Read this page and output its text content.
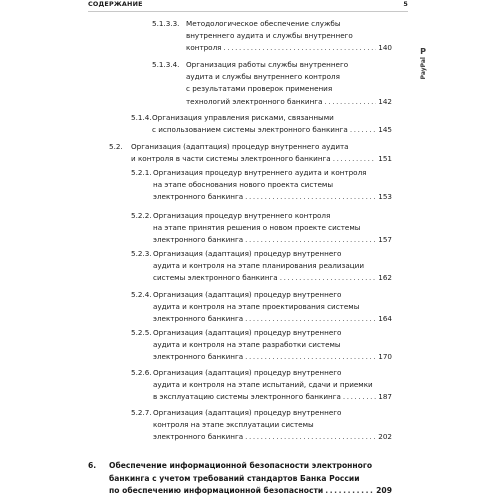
СОДЕРЖАНИЕ	5
P
PayPal
5.1.3.3. Методологическое обеспечение службы
внутреннего аудита и службы внутреннего
контроля .....	140
5.1.3.4. Организация работы службы внутреннего
аудита и службы внутреннего контроля
с результатами проверок применения
технологий электронного банкинга .....	142
5.1.4. Организация управления рисками, связанными
с использованием системы электронного банкинга .....	145
5.2. Организация (адаптация) процедур внутреннего аудита
и контроля в части системы электронного банкинга .....	151
5.2.1. Организация процедур внутреннего аудита и контроля
на этапе обоснования нового проекта системы
электронного банкинга .....	153
5.2.2. Организация процедур внутреннего контроля
на этапе принятия решения о новом проекте системы
электронного банкинга .....	157
5.2.3. Организация (адаптация) процедур внутреннего
аудита и контроля на этапе планирования реализации
системы электронного банкинга .....	162
5.2.4. Организация (адаптация) процедур внутреннего
аудита и контроля на этапе проектирования системы
электронного банкинга .....	164
5.2.5. Организация (адаптация) процедур внутреннего
аудита и контроля на этапе разработки системы
электронного банкинга .....	170
5.2.6. Организация (адаптация) процедур внутреннего
аудита и контроля на этапе испытаний, сдачи и приемки
в эксплуатацию системы электронного банкинга .....	187
5.2.7. Организация (адаптация) процедур внутреннего
контроля на этапе эксплуатации системы
электронного банкинга .....	202
6. Обеспечение информационной безопасности электронного
банкинга с учетом требований стандартов Банка России
по обеспечению информационной безопасности .....	209
